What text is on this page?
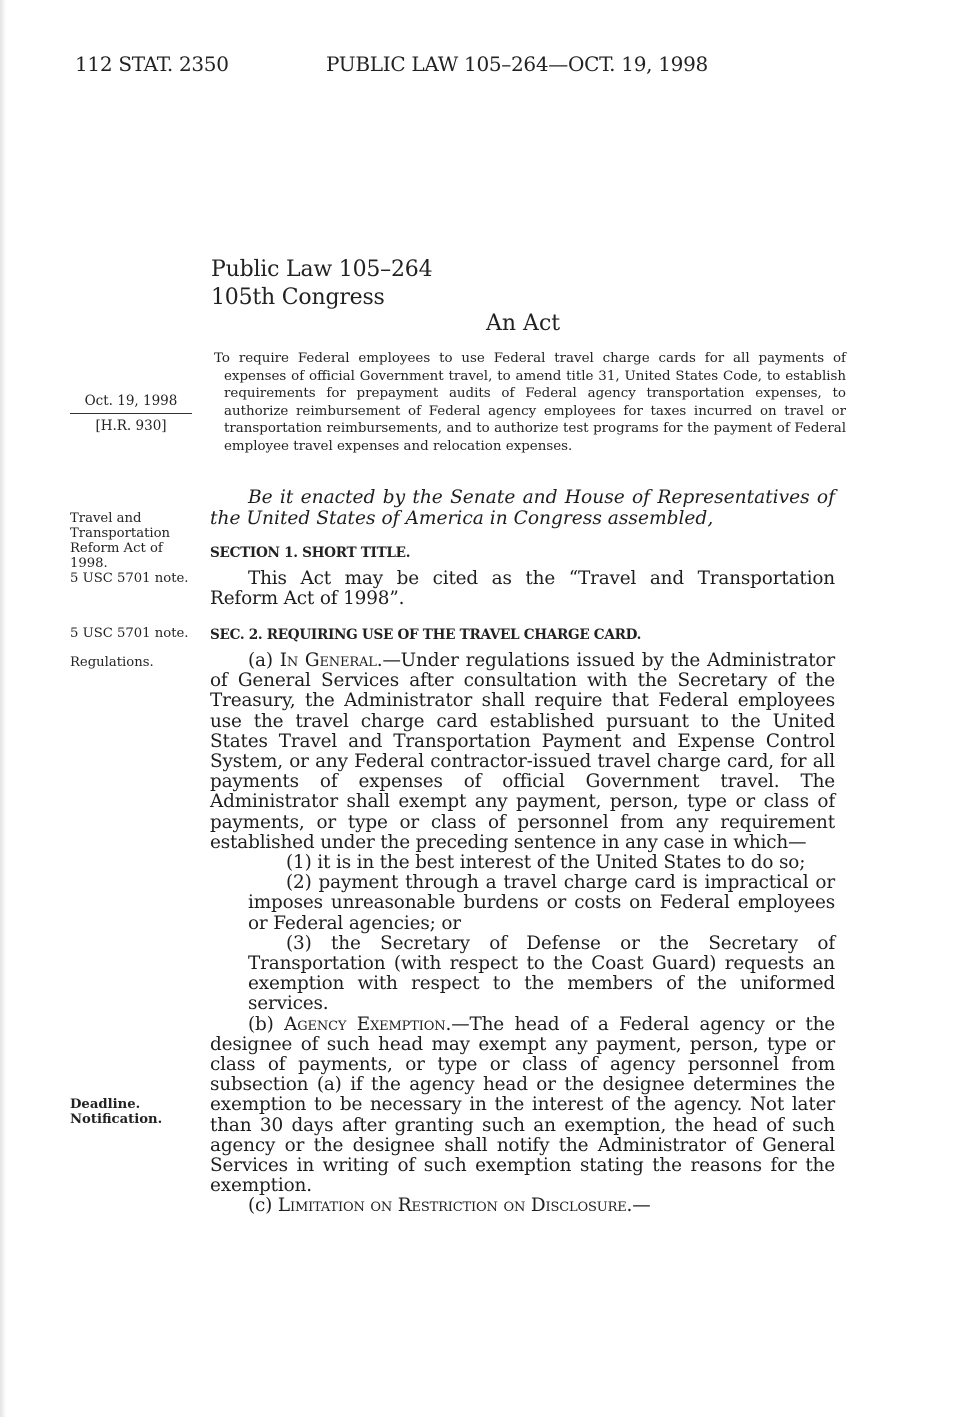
112 STAT. 2350	PUBLIC LAW 105–264—OCT. 19, 1998
Public Law 105–264
105th Congress
An Act
To require Federal employees to use Federal travel charge cards for all payments of expenses of official Government travel, to amend title 31, United States Code, to establish requirements for prepayment audits of Federal agency transportation expenses, to authorize reimbursement of Federal agency employees for taxes incurred on travel or transportation reimbursements, and to authorize test programs for the payment of Federal employee travel expenses and relocation expenses.
Oct. 19, 1998
[H.R. 930]
Travel and Transportation Reform Act of 1998.
5 USC 5701 note.
5 USC 5701 note.
Regulations.
Deadline.
Notification.
Be it enacted by the Senate and House of Representatives of the United States of America in Congress assembled,
SECTION 1. SHORT TITLE.

This Act may be cited as the “Travel and Transportation Reform Act of 1998”.

SEC. 2. REQUIRING USE OF THE TRAVEL CHARGE CARD.

(a) In General.—Under regulations issued by the Administrator of General Services after consultation with the Secretary of the Treasury, the Administrator shall require that Federal employees use the travel charge card established pursuant to the United States Travel and Transportation Payment and Expense Control System, or any Federal contractor-issued travel charge card, for all payments of expenses of official Government travel. The Administrator shall exempt any payment, person, type or class of payments, or type or class of personnel from any requirement established under the preceding sentence in any case in which—

(1) it is in the best interest of the United States to do so;

(2) payment through a travel charge card is impractical or imposes unreasonable burdens or costs on Federal employees or Federal agencies; or

(3) the Secretary of Defense or the Secretary of Transportation (with respect to the Coast Guard) requests an exemption with respect to the members of the uniformed services.

(b) Agency Exemption.—The head of a Federal agency or the designee of such head may exempt any payment, person, type or class of payments, or type or class of agency personnel from subsection (a) if the agency head or the designee determines the exemption to be necessary in the interest of the agency. Not later than 30 days after granting such an exemption, the head of such agency or the designee shall notify the Administrator of General Services in writing of such exemption stating the reasons for the exemption.

(c) Limitation on Restriction on Disclosure.—
